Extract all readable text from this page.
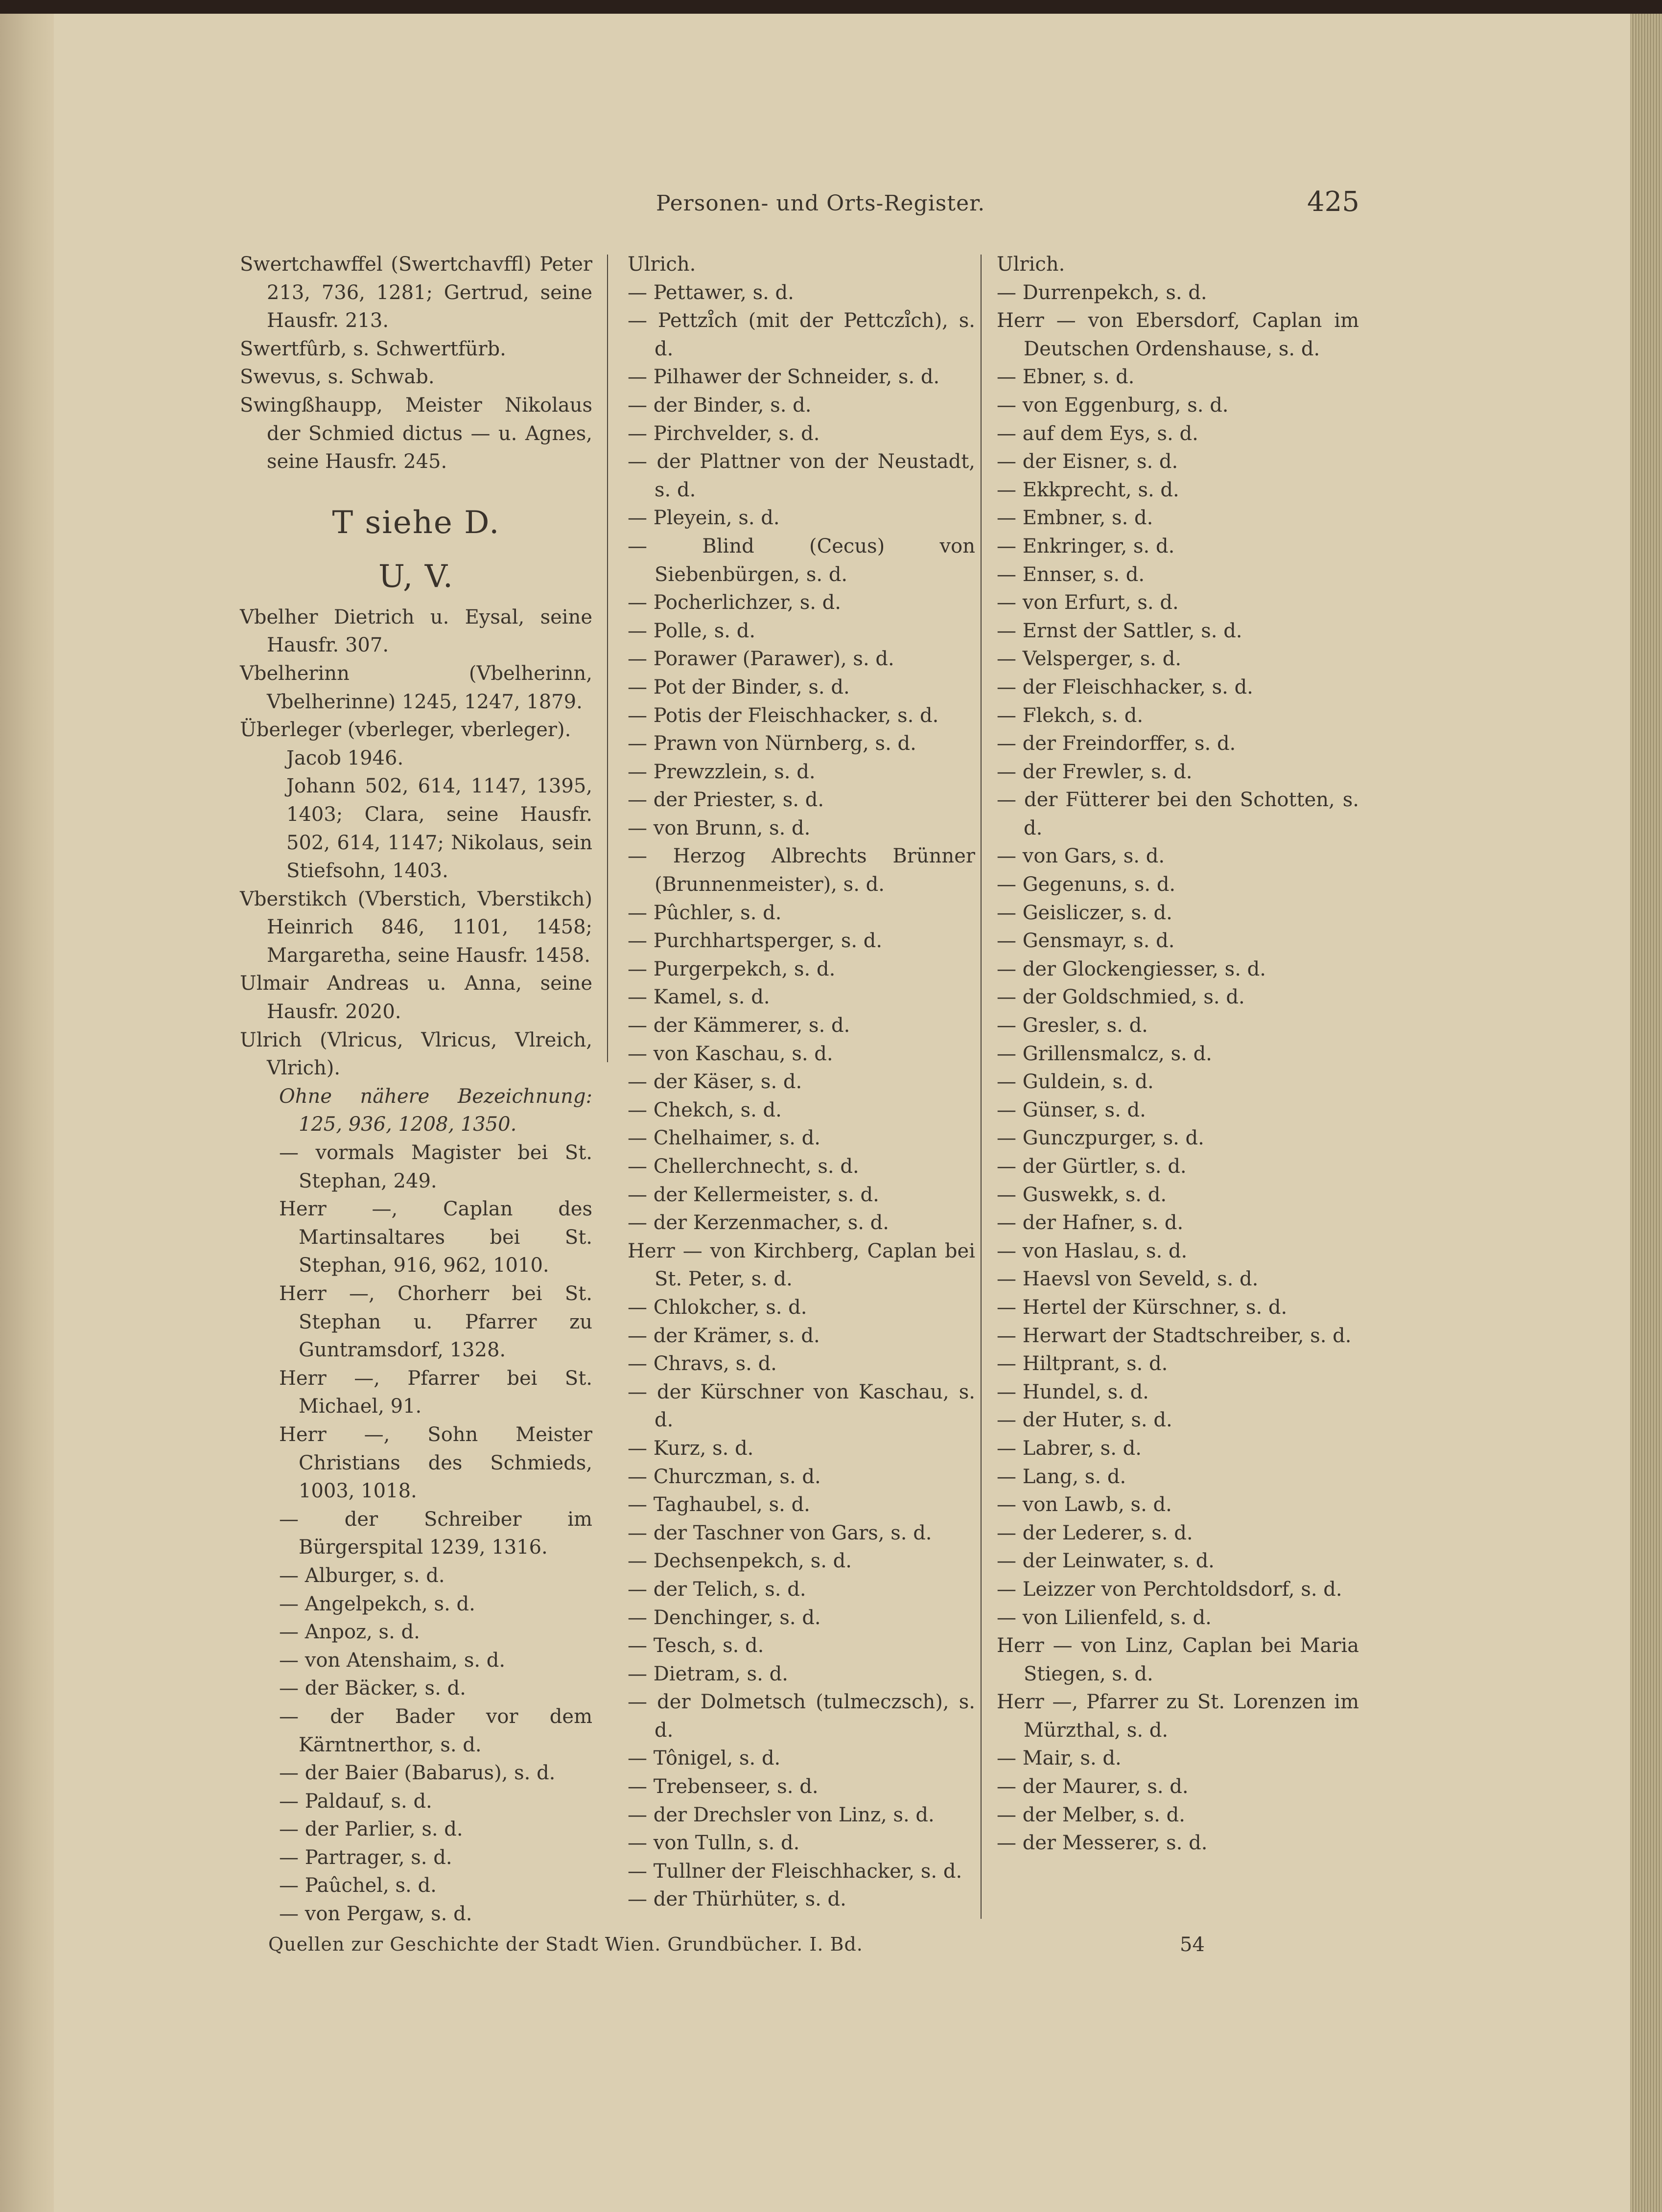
Personen- und Orts-Register.	425
Swertchawffel (Swertchavffl) Peter 213, 736, 1281; Gertrud, seine Hausfr. 213.
Swertfûrb, s. Schwertfürb.
Swevus, s. Schwab.
Swingßhaupp, Meister Nikolaus der Schmied dictus — u. Agnes, seine Hausfr. 245.
T siehe D.
U, V.
Vbelher Dietrich u. Eysal, seine Hausfr. 307.
Vbelherinn (Vbelherinn, Vbelherinne) 1245, 1247, 1879.
Überleger (vberleger, vberleger).
Jacob 1946.
Johann 502, 614, 1147, 1395, 1403; Clara, seine Hausfr. 502, 614, 1147; Nikolaus, sein Stiefsohn, 1403.
Vberstikch (Vberstich, Vberstikch) Heinrich 846, 1101, 1458; Margaretha, seine Hausfr. 1458.
Ulmair Andreas u. Anna, seine Hausfr. 2020.
Ulrich (Vlricus, Vlricus, Vlreich, Vlrich).
Ohne nähere Bezeichnung: 125, 936, 1208, 1350.
— vormals Magister bei St. Stephan, 249.
Herr —, Caplan des Martinsaltares bei St. Stephan, 916, 962, 1010.
Herr —, Chorherr bei St. Stephan u. Pfarrer zu Guntramsdorf, 1328.
Herr —, Pfarrer bei St. Michael, 91.
Herr —, Sohn Meister Christians des Schmieds, 1003, 1018.
— der Schreiber im Bürgerspital 1239, 1316.
— Alburger, s. d.
— Angelpekch, s. d.
— Anpoz, s. d.
— von Atenshaim, s. d.
— der Bäcker, s. d.
— der Bader vor dem Kärntnerthor, s. d.
— der Baier (Babarus), s. d.
— Paldauf, s. d.
— der Parlier, s. d.
— Partrager, s. d.
— Paûchel, s. d.
— von Pergaw, s. d.
Ulrich.
— Pettawer, s. d.
— Pettzi͏̊ch (mit der Pettczi͏̊ch), s. d.
— Pilhawer der Schneider, s. d.
— der Binder, s. d.
— Pirchvelder, s. d.
— der Plattner von der Neustadt, s. d.
— Pleyein, s. d.
— Blind (Cecus) von Siebenbürgen, s. d.
— Pocherlichzer, s. d.
— Polle, s. d.
— Porawer (Parawer), s. d.
— Pot der Binder, s. d.
— Potis der Fleischhacker, s. d.
— Prawn von Nürnberg, s. d.
— Prewzzlein, s. d.
— der Priester, s. d.
— von Brunn, s. d.
— Herzog Albrechts Brünner (Brunnenmeister), s. d.
— Pûchler, s. d.
— Purchhartsperger, s. d.
— Purgerpekch, s. d.
— Kamel, s. d.
— der Kämmerer, s. d.
— von Kaschau, s. d.
— der Käser, s. d.
— Chekch, s. d.
— Chelhaimer, s. d.
— Chellerchnecht, s. d.
— der Kellermeister, s. d.
— der Kerzenmacher, s. d.
Herr — von Kirchberg, Caplan bei St. Peter, s. d.
— Chlokcher, s. d.
— der Krämer, s. d.
— Chravs, s. d.
— der Kürschner von Kaschau, s. d.
— Kurz, s. d.
— Churczman, s. d.
— Taghaubel, s. d.
— der Taschner von Gars, s. d.
— Dechsenpekch, s. d.
— der Telich, s. d.
— Denchinger, s. d.
— Tesch, s. d.
— Dietram, s. d.
— der Dolmetsch (tulmeczsch), s. d.
— Tônigel, s. d.
— Trebenseer, s. d.
— der Drechsler von Linz, s. d.
— von Tulln, s. d.
— Tullner der Fleischhacker, s. d.
— der Thürhüter, s. d.
Ulrich.
— Durrenpekch, s. d.
Herr — von Ebersdorf, Caplan im Deutschen Ordenshause, s. d.
— Ebner, s. d.
— von Eggenburg, s. d.
— auf dem Eys, s. d.
— der Eisner, s. d.
— Ekkprecht, s. d.
— Embner, s. d.
— Enkringer, s. d.
— Ennser, s. d.
— von Erfurt, s. d.
— Ernst der Sattler, s. d.
— Velsperger, s. d.
— der Fleischhacker, s. d.
— Flekch, s. d.
— der Freindorffer, s. d.
— der Frewler, s. d.
— der Fütterer bei den Schotten, s. d.
— von Gars, s. d.
— Gegenuns, s. d.
— Geisliczer, s. d.
— Gensmayr, s. d.
— der Glockengiesser, s. d.
— der Goldschmied, s. d.
— Gresler, s. d.
— Grillensmalcz, s. d.
— Guldein, s. d.
— Günser, s. d.
— Gunczpurger, s. d.
— der Gürtler, s. d.
— Guswekk, s. d.
— der Hafner, s. d.
— von Haslau, s. d.
— Haevsl von Seveld, s. d.
— Hertel der Kürschner, s. d.
— Herwart der Stadtschreiber, s. d.
— Hiltprant, s. d.
— Hundel, s. d.
— der Huter, s. d.
— Labrer, s. d.
— Lang, s. d.
— von Lawb, s. d.
— der Lederer, s. d.
— der Leinwater, s. d.
— Leizzer von Perchtoldsdorf, s. d.
— von Lilienfeld, s. d.
Herr — von Linz, Caplan bei Maria Stiegen, s. d.
Herr —, Pfarrer zu St. Lorenzen im Mürzthal, s. d.
— Mair, s. d.
— der Maurer, s. d.
— der Melber, s. d.
— der Messerer, s. d.
Quellen zur Geschichte der Stadt Wien. Grundbücher. I. Bd.	54
